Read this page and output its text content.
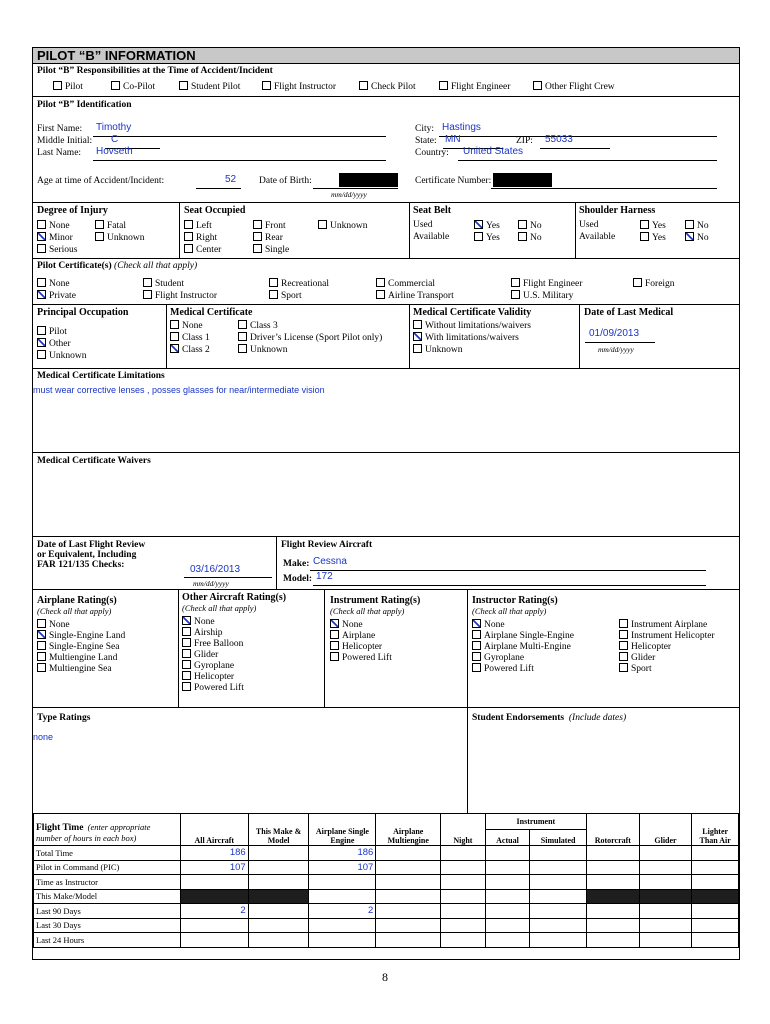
PILOT “B” INFORMATION
Pilot “B” Responsibilities at the Time of Accident/Incident
Pilot	Co-Pilot	Student Pilot	Flight Instructor	Check Pilot	Flight Engineer	Other Flight Crew
Pilot “B” Identification
First Name: Timothy
Middle Initial: C
Last Name: Hovseth
City: Hastings
State: MN	ZIP: 55033
Country: United States
Age at time of Accident/Incident:	52 Date of Birth:
mm/dd/yyyy
Certificate Number:
Degree of Injury
None	Fatal
Minor	Unknown
Serious
Seat Occupied
Left	Front	Unknown
Right	Rear
Center	Single
Seat Belt
Used
Available
Yes	No
Yes	No
Shoulder Harness
Used
Available
Yes	No
Yes	No
Pilot Certificate(s) (Check all that apply)
None	Student	Recreational	Commercial	Flight Engineer	Foreign
Private	Flight Instructor	Sport	Airline Transport	U.S. Military
Principal Occupation
Pilot
Other
Unknown
Medical Certificate
None	Class 3
Class 1	Driver’s License (Sport Pilot only)
Class 2	Unknown
Medical Certificate Validity
Without limitations/waivers
With limitations/waivers
Unknown
Date of Last Medical
01/09/2013
mm/dd/yyyy
Medical Certificate Limitations
must wear corrective lenses , posses glasses for near/intermediate vision
Medical Certificate Waivers
Date of Last Flight Review
or Equivalent, Including
FAR 121/135 Checks:	03/16/2013
mm/dd/yyyy
Flight Review Aircraft
Make: Cessna
Model: 172
Airplane Rating(s)
(Check all that apply)
None
Single-Engine Land
Single-Engine Sea
Multiengine Land
Multiengine Sea
Other Aircraft Rating(s)
(Check all that apply)
None
Airship
Free Balloon
Glider
Gyroplane
Helicopter
Powered Lift
Instrument Rating(s)
(Check all that apply)
None
Airplane
Helicopter
Powered Lift
Instructor Rating(s)
(Check all that apply)
None
Airplane Single-Engine
Airplane Multi-Engine
Gyroplane
Powered Lift
Instrument Airplane
Instrument Helicopter
Helicopter
Glider
Sport
Type Ratings
none
Student Endorsements (Include dates)
Flight Time (enter appropriate number of hours in each box)	All Aircraft	This Make & Model	Airplane Single Engine	Airplane Multiengine	Night	Instrument		Rotorcraft	Glider	Lighter Than Air
						Actual	Simulated			
Total Time	186		186							
Pilot in Command (PIC)	107		107							
Time as Instructor										
This Make/Model										
Last 90 Days	2		2							
Last 30 Days										
Last 24 Hours										
8
